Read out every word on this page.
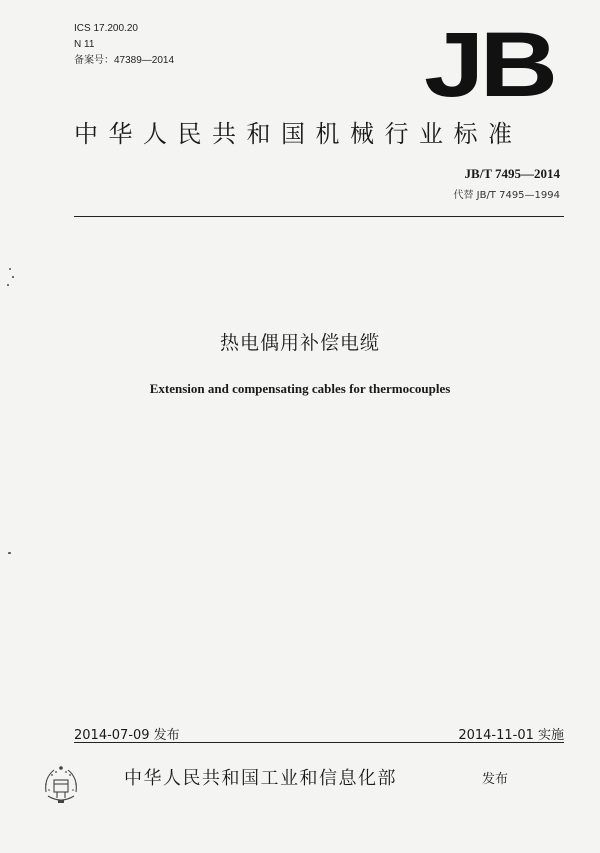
ICS 17.200.20
N 11
备案号：47389—2014	JB
中华人民共和国机械行业标准
JB/T 7495—2014
代替 JB/T 7495—1994
热电偶用补偿电缆
Extension and compensating cables for thermocouples
2014-07-09 发布	2014-11-01 实施
中华人民共和国工业和信息化部	发布
